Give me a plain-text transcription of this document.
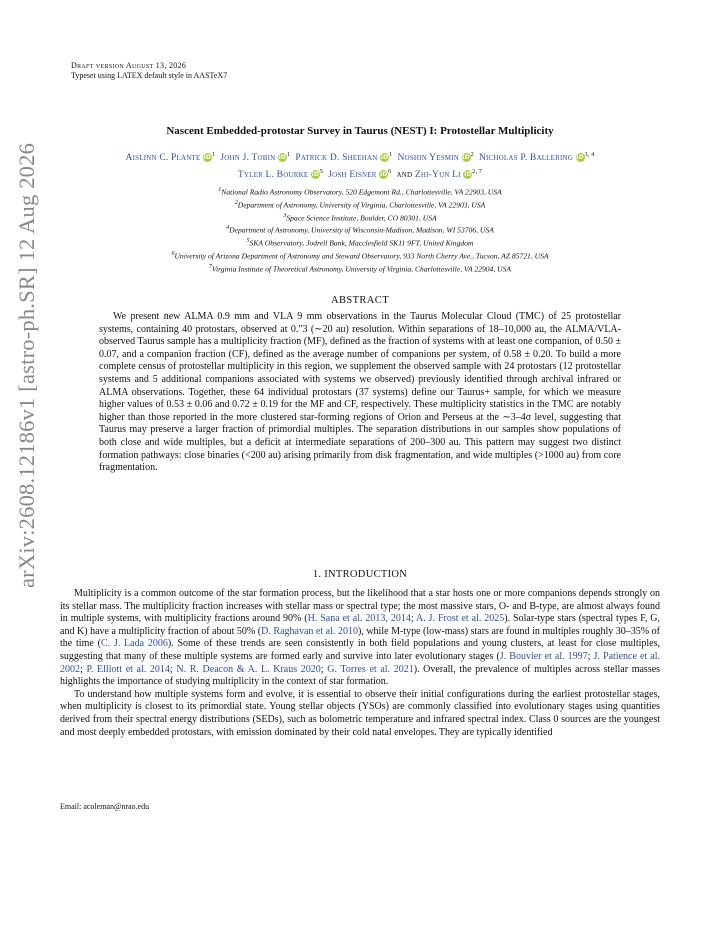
arXiv:2608.12186v1 [astro-ph.SR] 12 Aug 2026
Draft version August 13, 2026
Typeset using LATEX default style in AASTeX7
Nascent Embedded-protostar Survey in Taurus (NEST) I: Protostellar Multiplicity
Aislinn C. Plante $iD^1$ John J. Tobin $iD^1$ Patrick D. Sheehan $iD^1$ Noshin Yesmin $iD^2$ Nicholas P. Ballering iD$^{3, 4}$
Tyler L. Bourke $iD^5$ Josh Eisner $iD^6$ and Zhi-Yun Li iD$^{2, 7}$
$^1$National Radio Astronomy Observatory, 520 Edgemont Rd., Charlottesville, VA 22903, USA
$^2$Department of Astronomy, University of Virginia, Charlottesville, VA 22903, USA
$^3$Space Science Institute, Boulder, CO 80301, USA
$^4$Department of Astronomy, University of Wisconsin-Madison, Madison, WI 53706, USA
$^5$SKA Observatory, Jodrell Bank, Macclesfield SK11 9FT, United Kingdom
$^6$University of Arizona Department of Astronomy and Steward Observatory, 933 North Cherry Ave., Tucson, AZ 85721, USA
$^7$Virginia Institute of Theoretical Astronomy, University of Virginia, Charlottesville, VA 22904, USA
ABSTRACT

We present new ALMA 0.9 mm and VLA 9 mm observations in the Taurus Molecular Cloud (TMC) of 25 protostellar systems, containing 40 protostars, observed at 0.″3 (∼20 au) resolution. Within separations of 18–10,000 au, the ALMA/VLA-observed Taurus sample has a multiplicity fraction (MF), defined as the fraction of systems with at least one companion, of 0.50 ± 0.07, and a companion fraction (CF), defined as the average number of companions per system, of 0.58 ± 0.20. To build a more complete census of protostellar multiplicity in this region, we supplement the observed sample with 24 protostars (12 protostellar systems and 5 additional companions associated with systems we observed) previously identified through archival infrared or ALMA observations. Together, these 64 individual protostars (37 systems) define our Taurus+ sample, for which we measure higher values of 0.53 ± 0.06 and 0.72 ± 0.19 for the MF and CF, respectively. These multiplicity statistics in the TMC are notably higher than those reported in the more clustered star-forming regions of Orion and Perseus at the ∼3–4σ level, suggesting that Taurus may preserve a larger fraction of primordial multiples. The separation distributions in our samples show populations of both close and wide multiples, but a deficit at intermediate separations of 200–300 au. This pattern may suggest two distinct formation pathways: close binaries (<200 au) arising primarily from disk fragmentation, and wide multiples (>1000 au) from core fragmentation.

1. INTRODUCTION

Multiplicity is a common outcome of the star formation process, but the likelihood that a star hosts one or more companions depends strongly on its stellar mass. The multiplicity fraction increases with stellar mass or spectral type; the most massive stars, O- and B-type, are almost always found in multiple systems, with multiplicity fractions around 90% (H. Sana et al. 2013, 2014; A. J. Frost et al. 2025). Solar-type stars (spectral types F, G, and K) have a multiplicity fraction of about 50% (D. Raghavan et al. 2010), while M-type (low-mass) stars are found in multiples roughly 30–35% of the time (C. J. Lada 2006). Some of these trends are seen consistently in both field populations and young clusters, at least for close multiples, suggesting that many of these multiple systems are formed early and survive into later evolutionary stages (J. Bouvier et al. 1997; J. Patience et al. 2002; P. Elliott et al. 2014; N. R. Deacon & A. L. Kraus 2020; G. Torres et al. 2021). Overall, the prevalence of multiples across stellar masses highlights the importance of studying multiplicity in the context of star formation.

To understand how multiple systems form and evolve, it is essential to observe their initial configurations during the earliest protostellar stages, when multiplicity is closest to its primordial state. Young stellar objects (YSOs) are commonly classified into evolutionary stages using quantities derived from their spectral energy distributions (SEDs), such as bolometric temperature and infrared spectral index. Class 0 sources are the youngest and most deeply embedded protostars, with emission dominated by their cold natal envelopes. They are typically identified

Email: acoleman@nrao.edu
